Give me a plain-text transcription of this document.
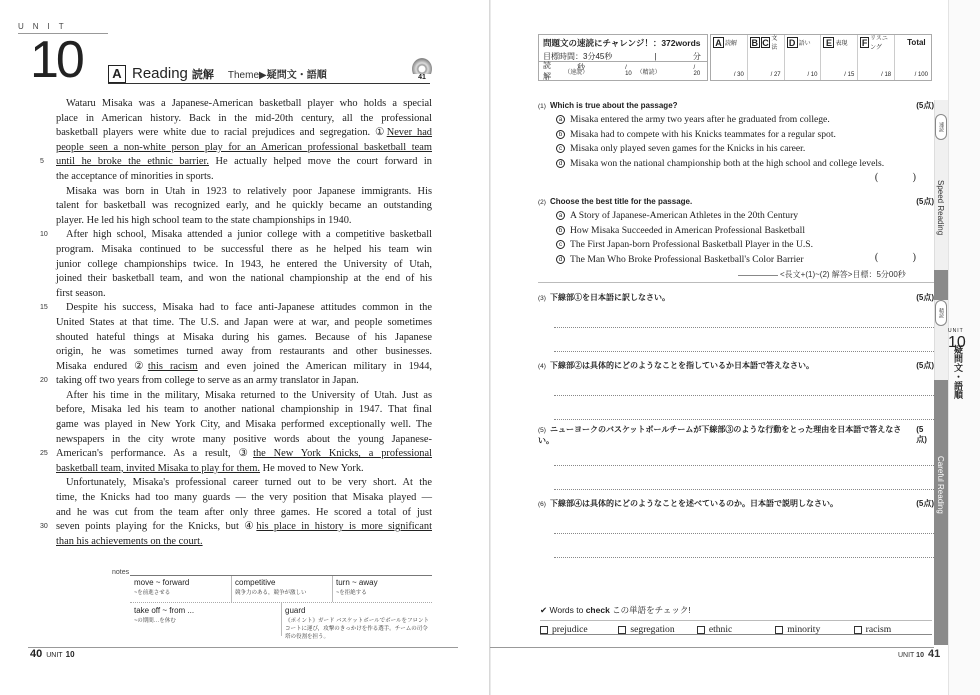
UNIT
10	A Reading 読解 Theme▶疑問文・語順	41
Wataru Misaka was a Japanese-American basketball player who holds a special
place in American history. Back in the mid-20th century, all the professional
basketball players were white due to racial prejudices and segregation. ①Never had
people seen a non-white person play for an American professional basketball team
until he broke the ethnic barrier. He actually helped move the court forward in
the acceptance of minorities in sports.
Misaka was born in Utah in 1923 to relatively poor Japanese immigrants. His
talent for basketball was recognized early, and he quickly became an outstanding
player. He led his high school team to the state championships in 1940.
After high school, Misaka attended a junior college with a competitive basketball
program. Misaka continued to be successful there as he helped his team win
junior college championships twice. In 1943, he entered the University of Utah,
joined their basketball team, and won the national championship at the end of his
first season.
Despite his success, Misaka had to face anti-Japanese attitudes common in the
United States at that time. The U.S. and Japan were at war, and people sometimes
shouted hateful things at Misaka during his games. Because of his Japanese
origin, he was sometimes turned away from restaurants and other businesses.
Misaka endured ②this racism and even joined the American military in 1944,
taking off two years from college to serve as an army translator in Japan.
After his time in the military, Misaka returned to the University of Utah. Just as
before, Misaka led his team to another national championship in 1947. That final
game was played in New York City, and Misaka performed exceptionally well. The
newspapers in the city wrote many positive words about the young Japanese-
American's performance. As a result, ③the New York Knicks, a professional
basketball team, invited Misaka to play for them. He moved to New York.
Unfortunately, Misaka's professional career turned out to be very short. At the
time, the Knicks had too many guards — the very position that Misaka played —
and he was cut from the team after only three games. He scored a total of just
seven points playing for the Knicks, but ④his place in history is more significant
than his achievements on the court.
5
10
15
20
25
30
notes
move ~ forward
~を前進させる
competitive
競争力のある，競争が激しい
turn ~ away
~を拒絶する
take off ~ from ...
~の期間…を休む
guard
《ポイント》ガード バスケットボールでボールをフロントコートに運び，攻撃のきっかけを作る選手。チームの司令塔の役割を担う。
40 UNIT 10
問題文の速読にチャレンジ！：372words
目標時間：3分45秒	|	分秒
読解	（速読）
/ 10 （精読）
/ 20
A 読解
/ 30
B C 文法
/ 27
D 語い
/ 10
E 表現
/ 15
F リスニング
/ 18
Total
/ 100
(1) Which is true about the passage?	(5点)
a Misaka entered the army two years after he graduated from college.
b Misaka had to compete with his Knicks teammates for a regular spot.
c Misaka only played seven games for the Knicks in his career.
d Misaka won the national championship both at the high school and college levels.
( )
(2) Choose the best title for the passage.	(5点)
a A Story of Japanese-American Athletes in the 20th Century
b How Misaka Succeeded in American Professional Basketball
c The First Japan-born Professional Basketball Player in the U.S.
d The Man Who Broke Professional Basketball's Color Barrier	( )
<長文+(1)~(2) 解答>目標：5分00秒
(3) 下線部①を日本語に訳しなさい。	(5点)
(4) 下線部②は具体的にどのようなことを指しているか日本語で答えなさい。	(5点)
(5) ニューヨークのバスケットボールチームが下線部③のような行動をとった理由を日本語で答えなさい。
(5点)
(6) 下線部④は具体的にどのようなことを述べているのか。日本語で説明しなさい。	(5点)
✔ Words to check この単語をチェック!
prejudice	segregation	ethnic	minority	racism
UNIT 10 41
速読
Speed Reading
精読
Careful Reading
UNIT
10
疑問文・語順
